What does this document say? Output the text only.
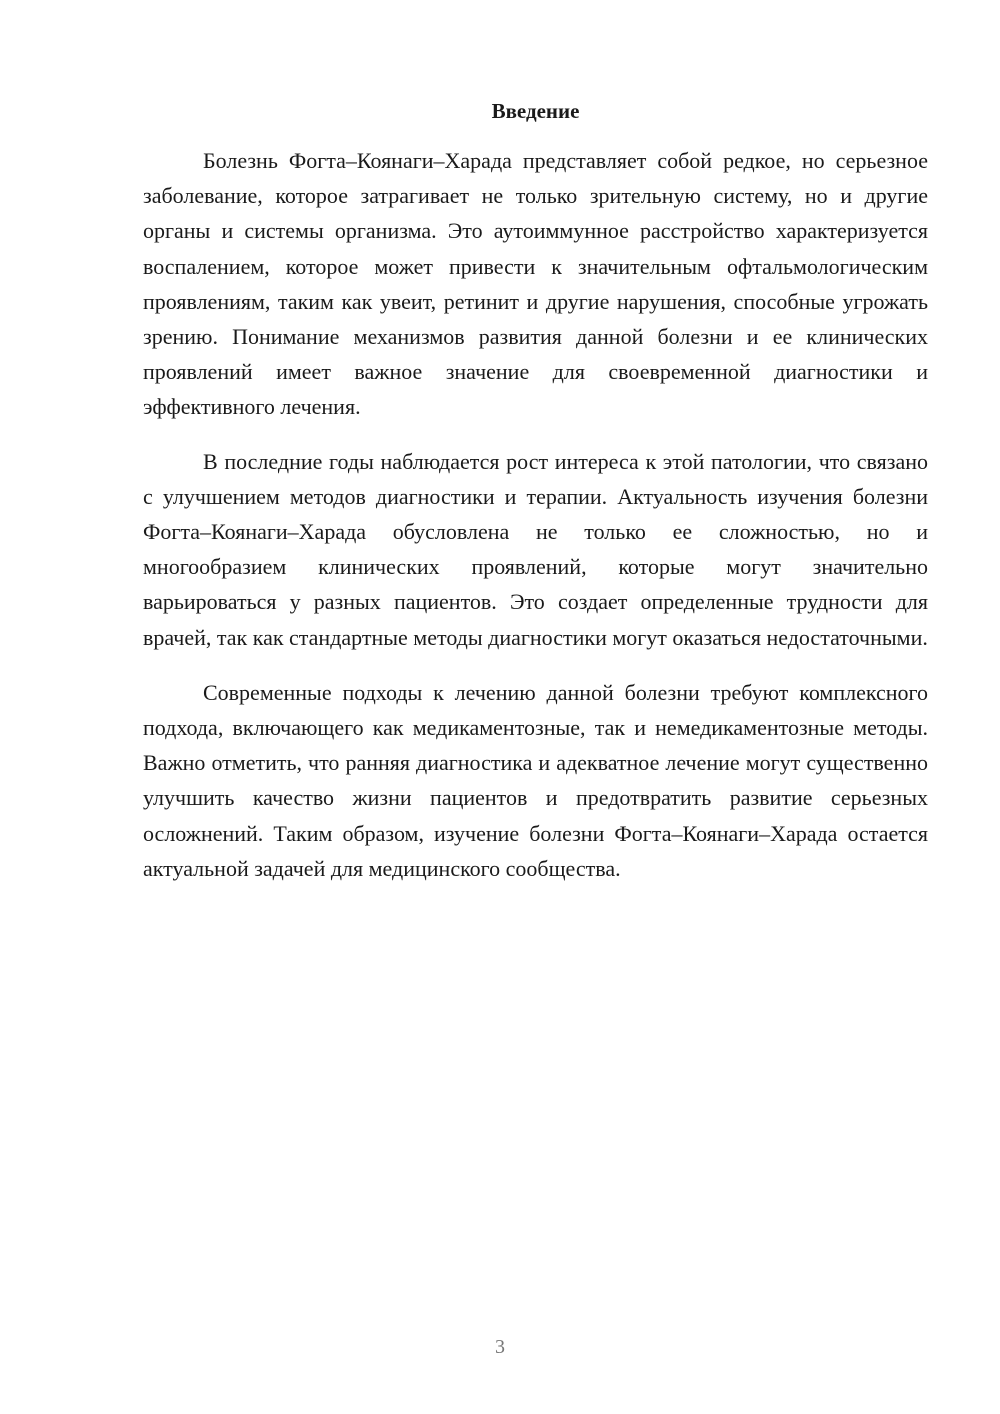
Введение

Болезнь Фогта–Коянаги–Харада представляет собой редкое, но серьезное заболевание, которое затрагивает не только зрительную систему, но и другие органы и системы организма. Это аутоиммунное расстройство характеризуется воспалением, которое может привести к значительным офтальмологическим проявлениям, таким как увеит, ретинит и другие нарушения, способные угрожать зрению. Понимание механизмов развития данной болезни и ее клинических проявлений имеет важное значение для своевременной диагностики и эффективного лечения.

В последние годы наблюдается рост интереса к этой патологии, что связано с улучшением методов диагностики и терапии. Актуальность изучения болезни Фогта–Коянаги–Харада обусловлена не только ее сложностью, но и многообразием клинических проявлений, которые могут значительно варьироваться у разных пациентов. Это создает определенные трудности для врачей, так как стандартные методы диагностики могут оказаться недостаточными.

Современные подходы к лечению данной болезни требуют комплексного подхода, включающего как медикаментозные, так и немедикаментозные методы. Важно отметить, что ранняя диагностика и адекватное лечение могут существенно улучшить качество жизни пациентов и предотвратить развитие серьезных осложнений. Таким образом, изучение болезни Фогта–Коянаги–Харада остается актуальной задачей для медицинского сообщества.

3
